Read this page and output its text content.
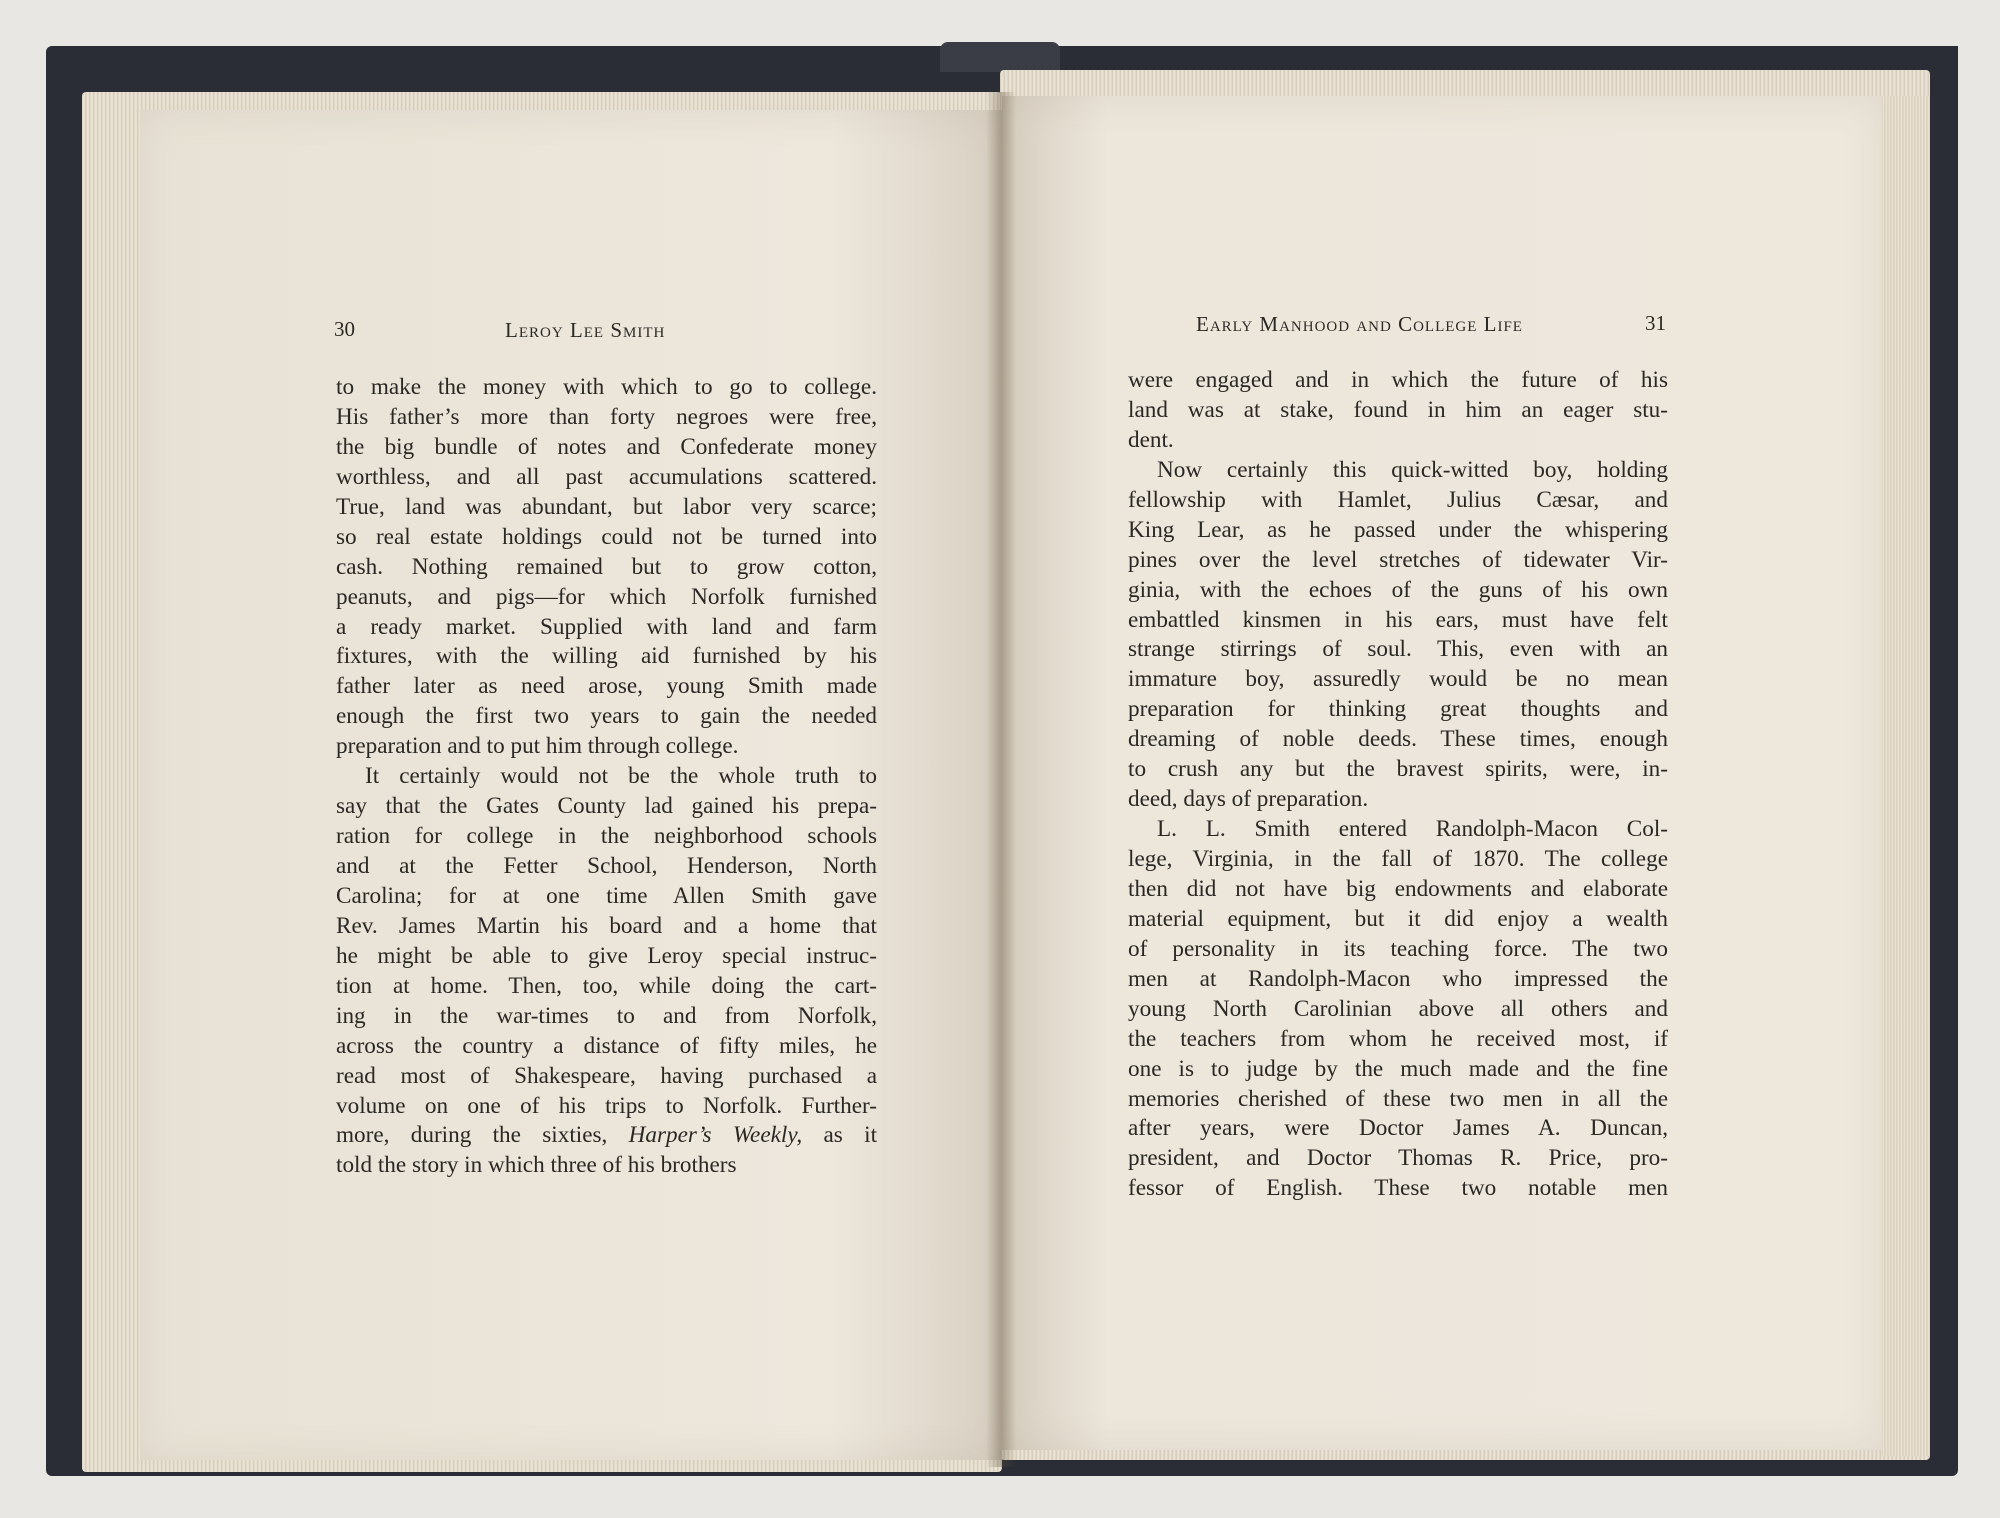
30	Leroy Lee Smith	31
Early Manhood and College Life
to make the money with which to go to college.
His father’s more than forty negroes were free,
the big bundle of notes and Confederate money
worthless, and all past accumulations scattered.
True, land was abundant, but labor very scarce;
so real estate holdings could not be turned into
cash. Nothing remained but to grow cotton,
peanuts, and pigs—for which Norfolk furnished
a ready market. Supplied with land and farm
fixtures, with the willing aid furnished by his
father later as need arose, young Smith made
enough the first two years to gain the needed
preparation and to put him through college.
It certainly would not be the whole truth to
say that the Gates County lad gained his prepa-
ration for college in the neighborhood schools
and at the Fetter School, Henderson, North
Carolina; for at one time Allen Smith gave
Rev. James Martin his board and a home that
he might be able to give Leroy special instruc-
tion at home. Then, too, while doing the cart-
ing in the war-times to and from Norfolk,
across the country a distance of fifty miles, he
read most of Shakespeare, having purchased a
volume on one of his trips to Norfolk. Further-
more, during the sixties, Harper’s Weekly, as it
told the story in which three of his brothers
were engaged and in which the future of his
land was at stake, found in him an eager stu-
dent.
Now certainly this quick-witted boy, holding
fellowship with Hamlet, Julius Cæsar, and
King Lear, as he passed under the whispering
pines over the level stretches of tidewater Vir-
ginia, with the echoes of the guns of his own
embattled kinsmen in his ears, must have felt
strange stirrings of soul. This, even with an
immature boy, assuredly would be no mean
preparation for thinking great thoughts and
dreaming of noble deeds. These times, enough
to crush any but the bravest spirits, were, in-
deed, days of preparation.
L. L. Smith entered Randolph-Macon Col-
lege, Virginia, in the fall of 1870. The college
then did not have big endowments and elaborate
material equipment, but it did enjoy a wealth
of personality in its teaching force. The two
men at Randolph-Macon who impressed the
young North Carolinian above all others and
the teachers from whom he received most, if
one is to judge by the much made and the fine
memories cherished of these two men in all the
after years, were Doctor James A. Duncan,
president, and Doctor Thomas R. Price, pro-
fessor of English. These two notable men
